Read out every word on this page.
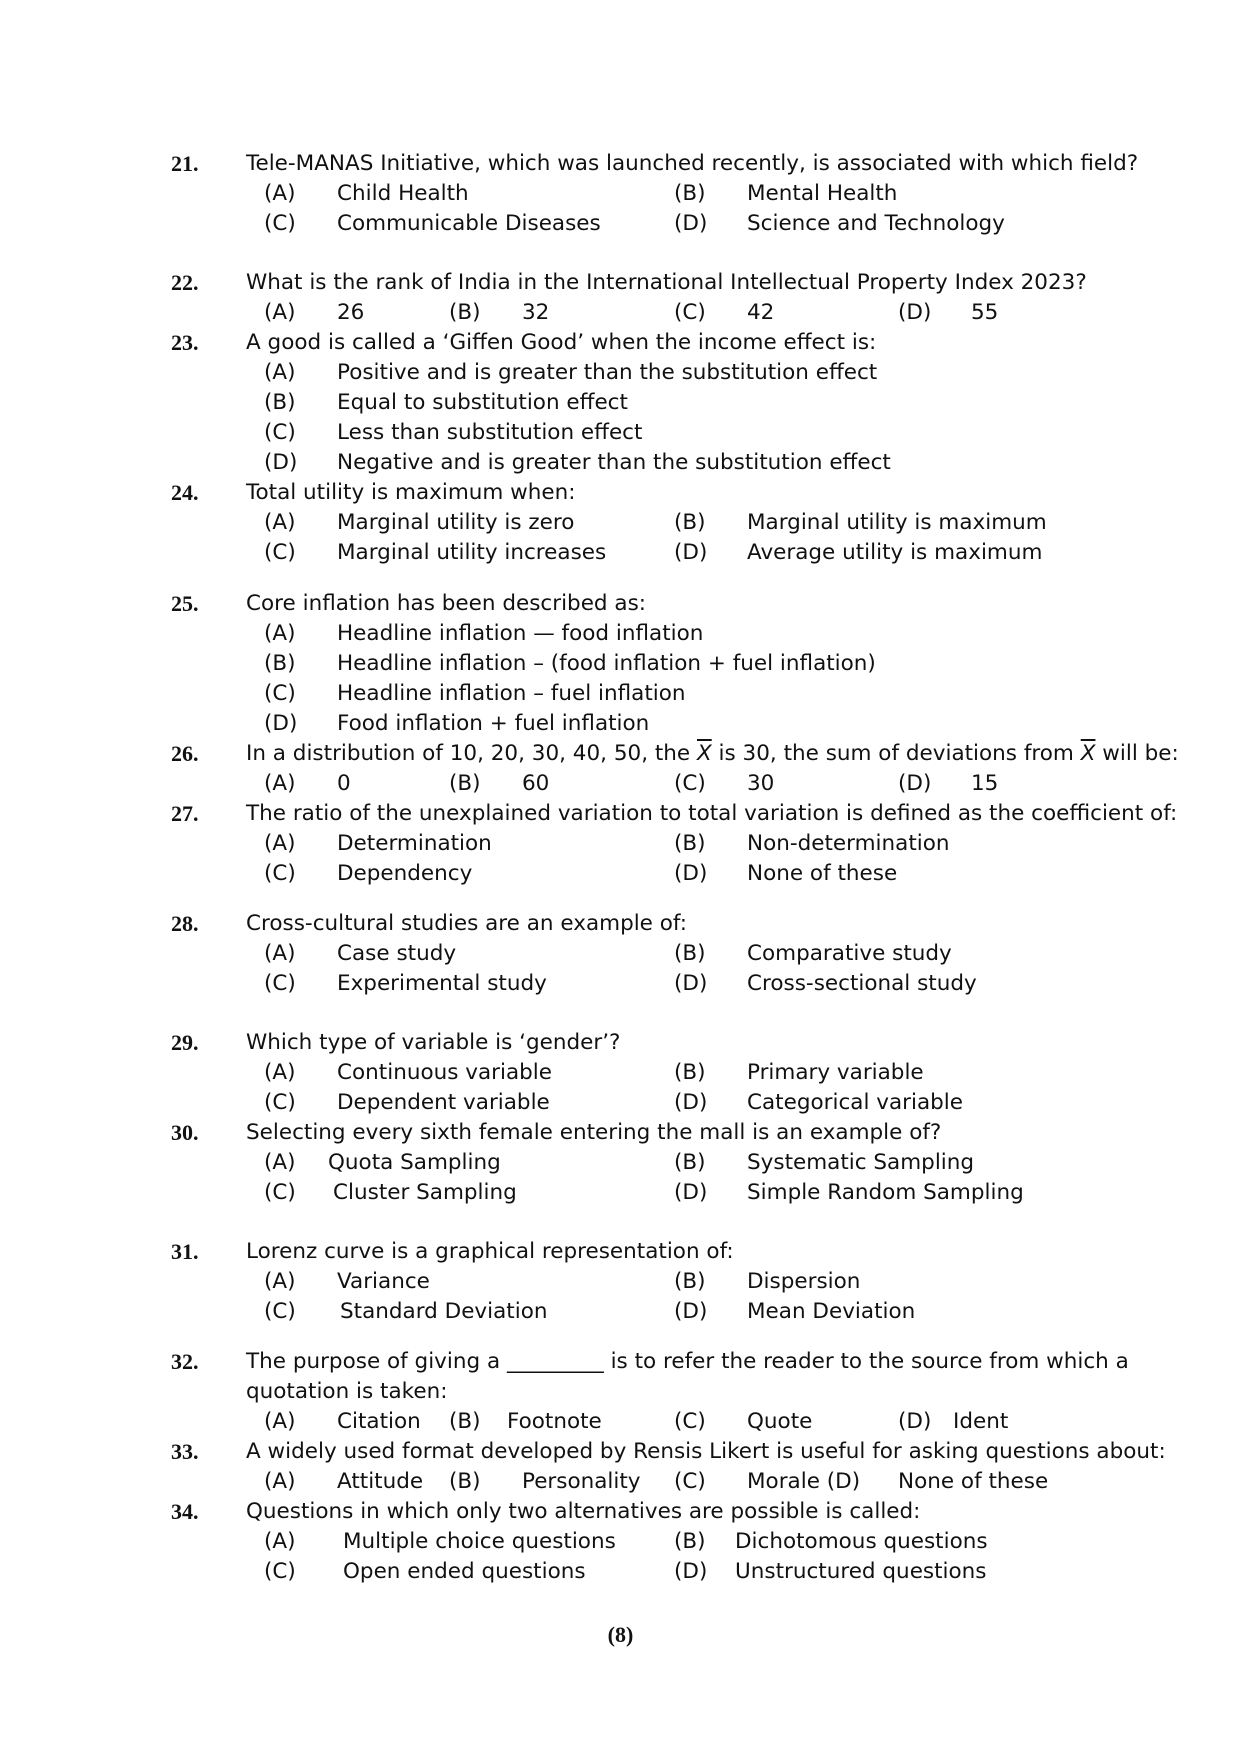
21. Tele-MANAS Initiative, which was launched recently, is associated with which field?
(A) Child Health	(B) Mental Health
(C) Communicable Diseases	(D) Science and Technology
22. What is the rank of India in the International Intellectual Property Index 2023?
(A) 26	(B) 32	(C) 42	(D) 55
23. A good is called a ‘Giffen Good’ when the income effect is:
(A) Positive and is greater than the substitution effect
(B) Equal to substitution effect
(C) Less than substitution effect
(D) Negative and is greater than the substitution effect
24. Total utility is maximum when:
(A) Marginal utility is zero	(B) Marginal utility is maximum
(C) Marginal utility increases	(D) Average utility is maximum
25. Core inflation has been described as:
(A) Headline inflation — food inflation
(B) Headline inflation – (food inflation + fuel inflation)
(C) Headline inflation – fuel inflation
(D) Food inflation + fuel inflation
26. In a distribution of 10, 20, 30, 40, 50, the $\overline{X}$ is 30, the sum of deviations from $\overline{X}$ will be:
(A) 0	(B) 60	(C) 30	(D) 15
27. The ratio of the unexplained variation to total variation is defined as the coefficient of:
(A) Determination	(B) Non-determination
(C) Dependency	(D) None of these
28. Cross-cultural studies are an example of:
(A) Case study	(B) Comparative study
(C) Experimental study	(D) Cross-sectional study
29. Which type of variable is ‘gender’?
(A) Continuous variable	(B) Primary variable
(C) Dependent variable	(D) Categorical variable
30. Selecting every sixth female entering the mall is an example of?
(A) Quota Sampling	(B) Systematic Sampling
(C) Cluster Sampling	(D) Simple Random Sampling
31. Lorenz curve is a graphical representation of:
(A) Variance	(B) Dispersion
(C) Standard Deviation	(D) Mean Deviation
32. The purpose of giving a _________ is to refer the reader to the source from which a quotation is taken:
(A) Citation (B) Footnote	(C) Quote	(D) Ident
33. A widely used format developed by Rensis Likert is useful for asking questions about:
(A) Attitude (B) Personality (C) Morale (D) None of these
34. Questions in which only two alternatives are possible is called:
(A) Multiple choice questions	(B) Dichotomous questions
(C) Open ended questions	(D) Unstructured questions
(8)
